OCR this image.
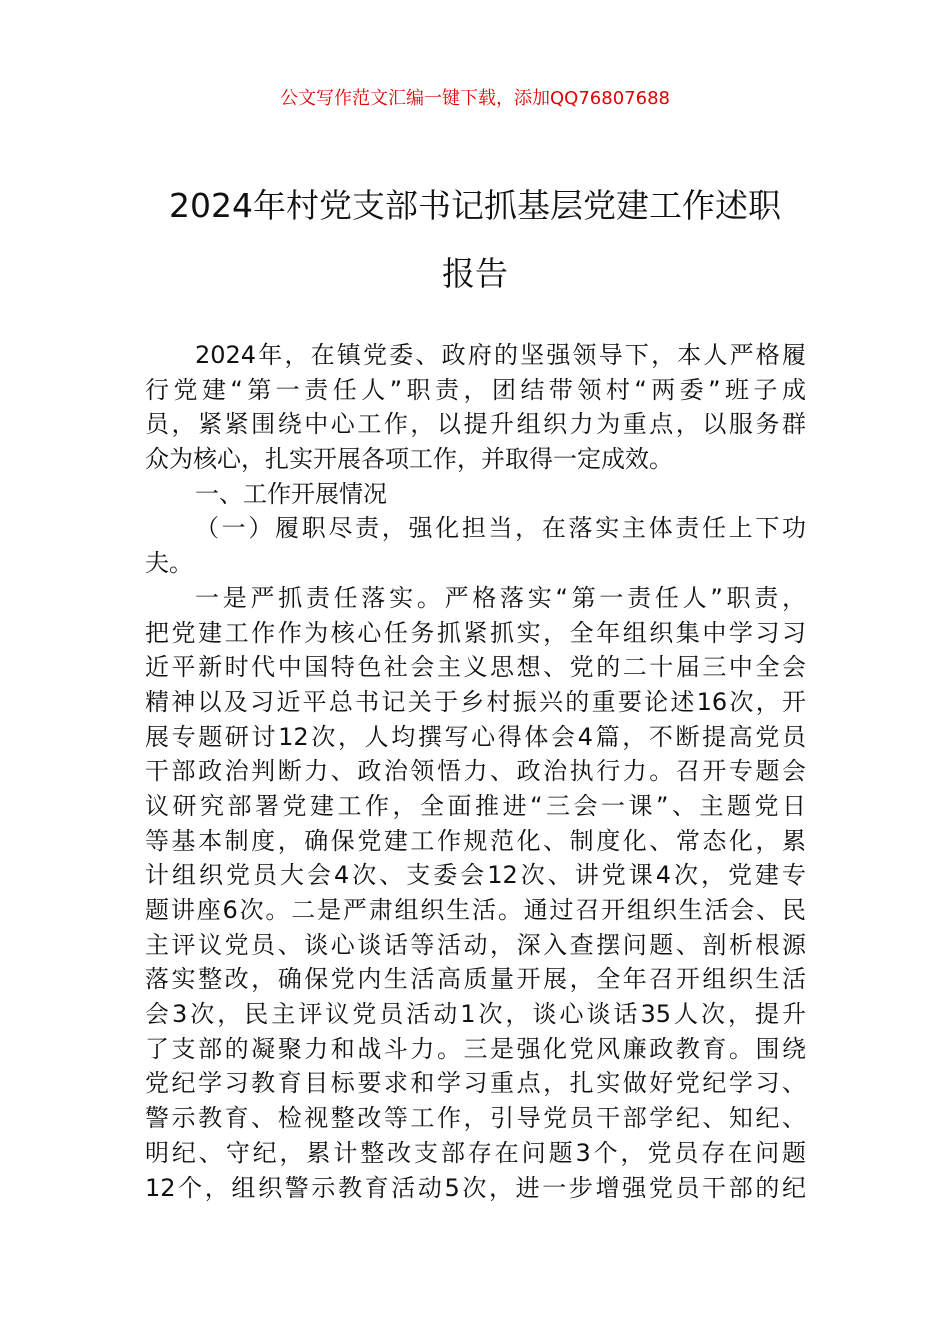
公文写作范文汇编一键下载，添加QQ76807688
2024年村党支部书记抓基层党建工作述职
报告
2024年，在镇党委、政府的坚强领导下，本人严格履
行党建“第一责任人”职责，团结带领村“两委”班子成
员，紧紧围绕中心工作，以提升组织力为重点，以服务群
众为核心，扎实开展各项工作，并取得一定成效。
一、工作开展情况
（一）履职尽责，强化担当，在落实主体责任上下功
夫。
一是严抓责任落实。严格落实“第一责任人”职责，
把党建工作作为核心任务抓紧抓实，全年组织集中学习习
近平新时代中国特色社会主义思想、党的二十届三中全会
精神以及习近平总书记关于乡村振兴的重要论述16次，开
展专题研讨12次，人均撰写心得体会4篇，不断提高党员
干部政治判断力、政治领悟力、政治执行力。召开专题会
议研究部署党建工作，全面推进“三会一课”、主题党日
等基本制度，确保党建工作规范化、制度化、常态化，累
计组织党员大会4次、支委会12次、讲党课4次，党建专
题讲座6次。二是严肃组织生活。通过召开组织生活会、民
主评议党员、谈心谈话等活动，深入查摆问题、剖析根源
落实整改，确保党内生活高质量开展，全年召开组织生活
会3次，民主评议党员活动1次，谈心谈话35人次，提升
了支部的凝聚力和战斗力。三是强化党风廉政教育。围绕
党纪学习教育目标要求和学习重点，扎实做好党纪学习、
警示教育、检视整改等工作，引导党员干部学纪、知纪、
明纪、守纪，累计整改支部存在问题3个，党员存在问题
12个，组织警示教育活动5次，进一步增强党员干部的纪
